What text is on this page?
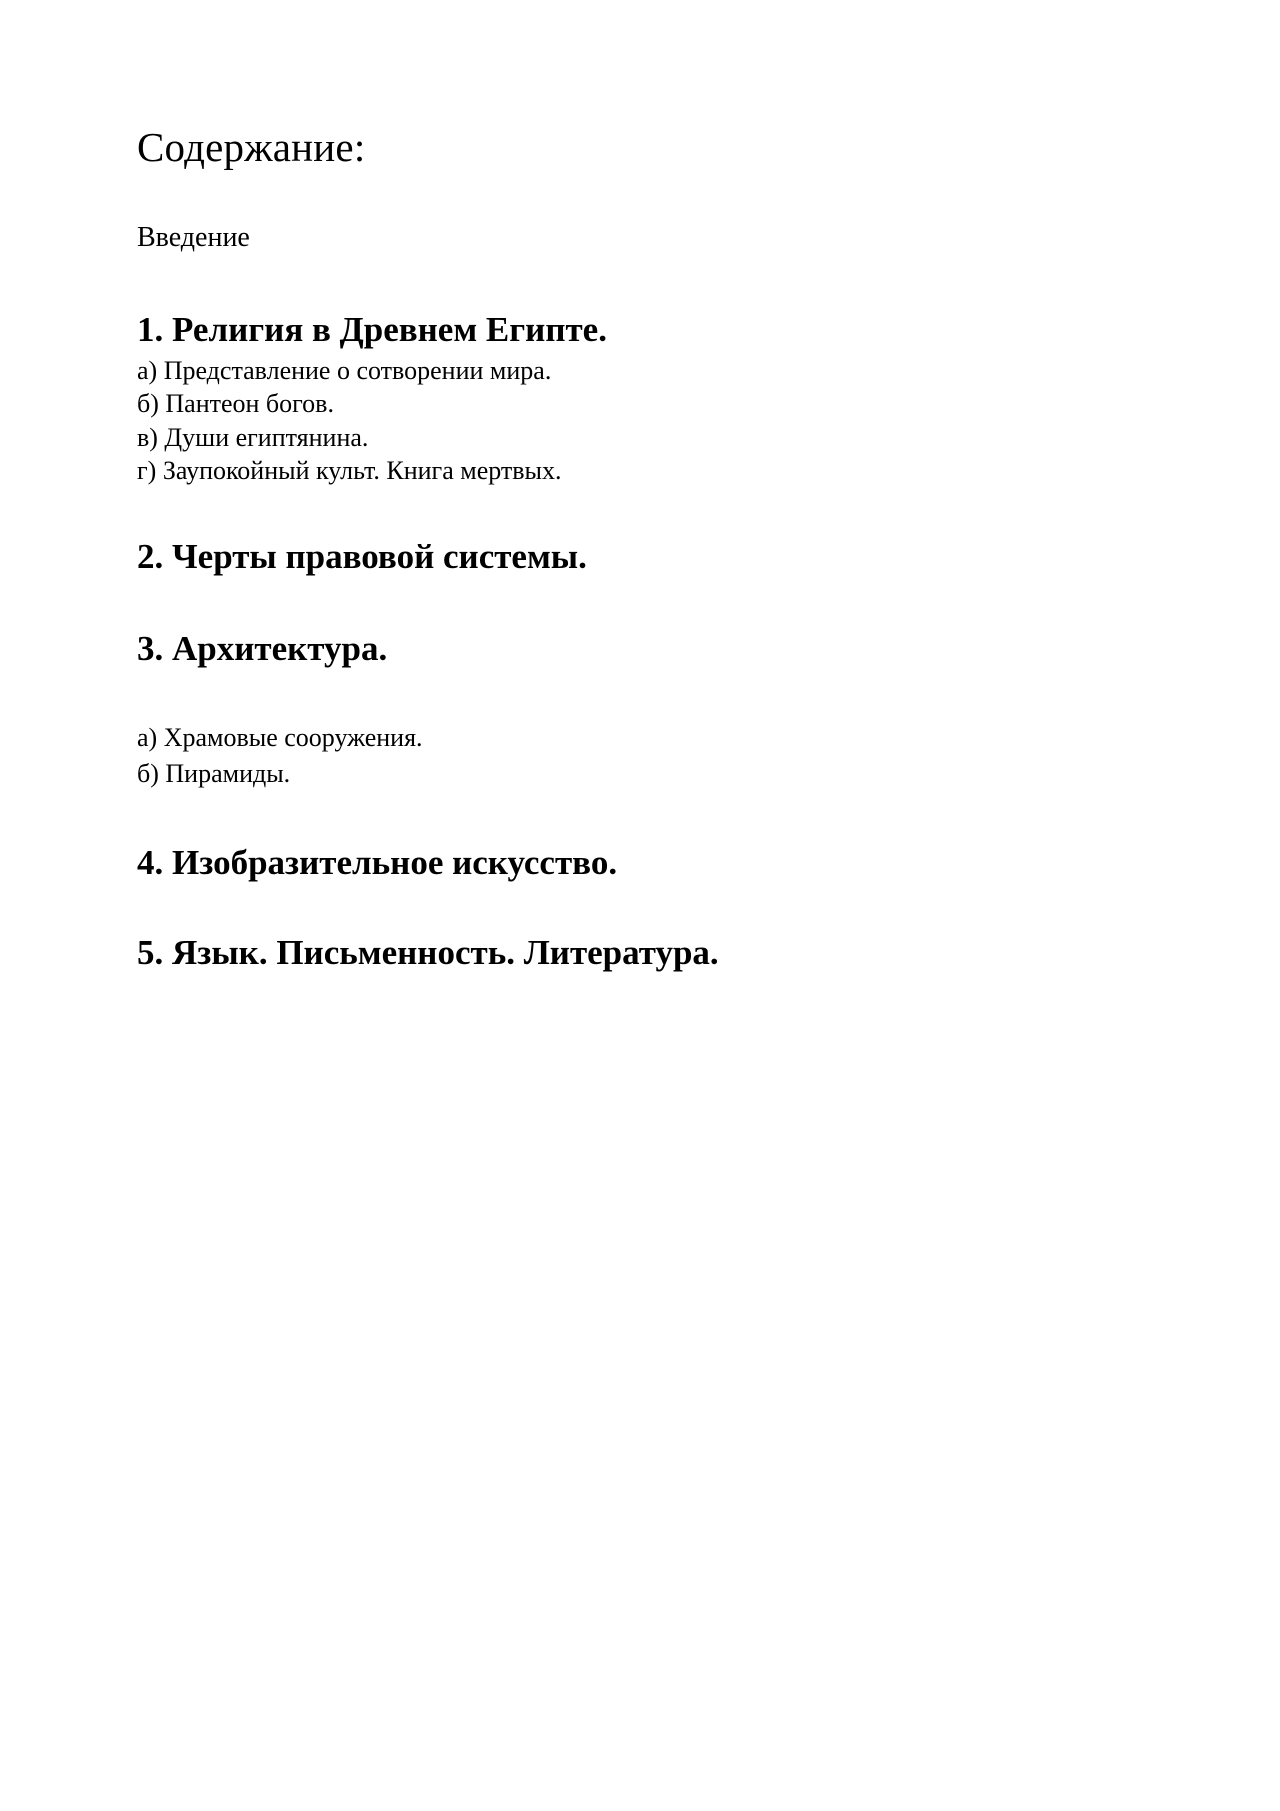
Содержание:
Введение
1. Религия в Древнем Египте.
а) Представление о сотворении мира.
б) Пантеон богов.
в) Души египтянина.
г) Заупокойный культ. Книга мертвых.
2. Черты правовой системы.
3. Архитектура.
а) Храмовые сооружения.
б) Пирамиды.
4. Изобразительное искусство.
5. Язык. Письменность. Литература.
